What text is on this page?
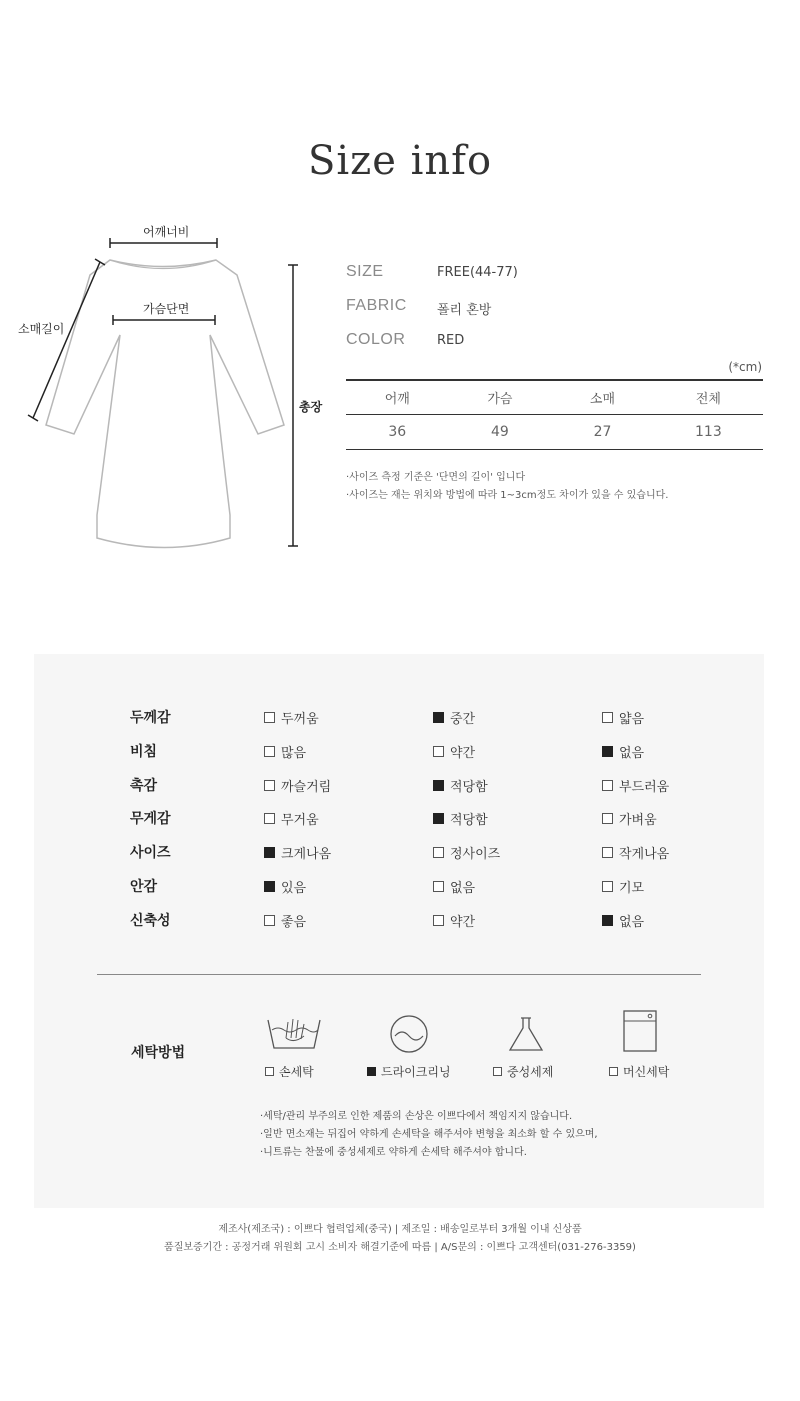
Size info
어깨너비
가슴단면
소매길이
총장
SIZE	FREE(44-77)
FABRIC	폴리 혼방
COLOR	RED
(*cm)
어깨	가슴	소매	전체
36	49	27	113
·사이즈 측정 기준은 '단면의 길이' 입니다
·사이즈는 재는 위치와 방법에 따라 1~3cm정도 차이가 있을 수 있습니다.
두께감	두꺼움	중간	얇음
비침	많음	약간	없음
촉감	까슬거림	적당함	부드러움
무게감	무거움	적당함	가벼움
사이즈	크게나옴	정사이즈	작게나옴
안감	있음	없음	기모
신축성	좋음	약간	없음
세탁방법
손세탁	드라이크리닝	중성세제	머신세탁
·세탁/관리 부주의로 인한 제품의 손상은 이쁘다에서 책임지지 않습니다.
·일반 면소재는 뒤집어 약하게 손세탁을 해주셔야 변형을 최소화 할 수 있으며,
·니트류는 찬물에 중성세제로 약하게 손세탁 해주셔야 합니다.
제조사(제조국) : 이쁘다 협력업체(중국) | 제조일 : 배송일로부터 3개월 이내 신상품
품질보증기간 : 공정거래 위원회 고시 소비자 해결기준에 따름 | A/S문의 : 이쁘다 고객센터(031-276-3359)
